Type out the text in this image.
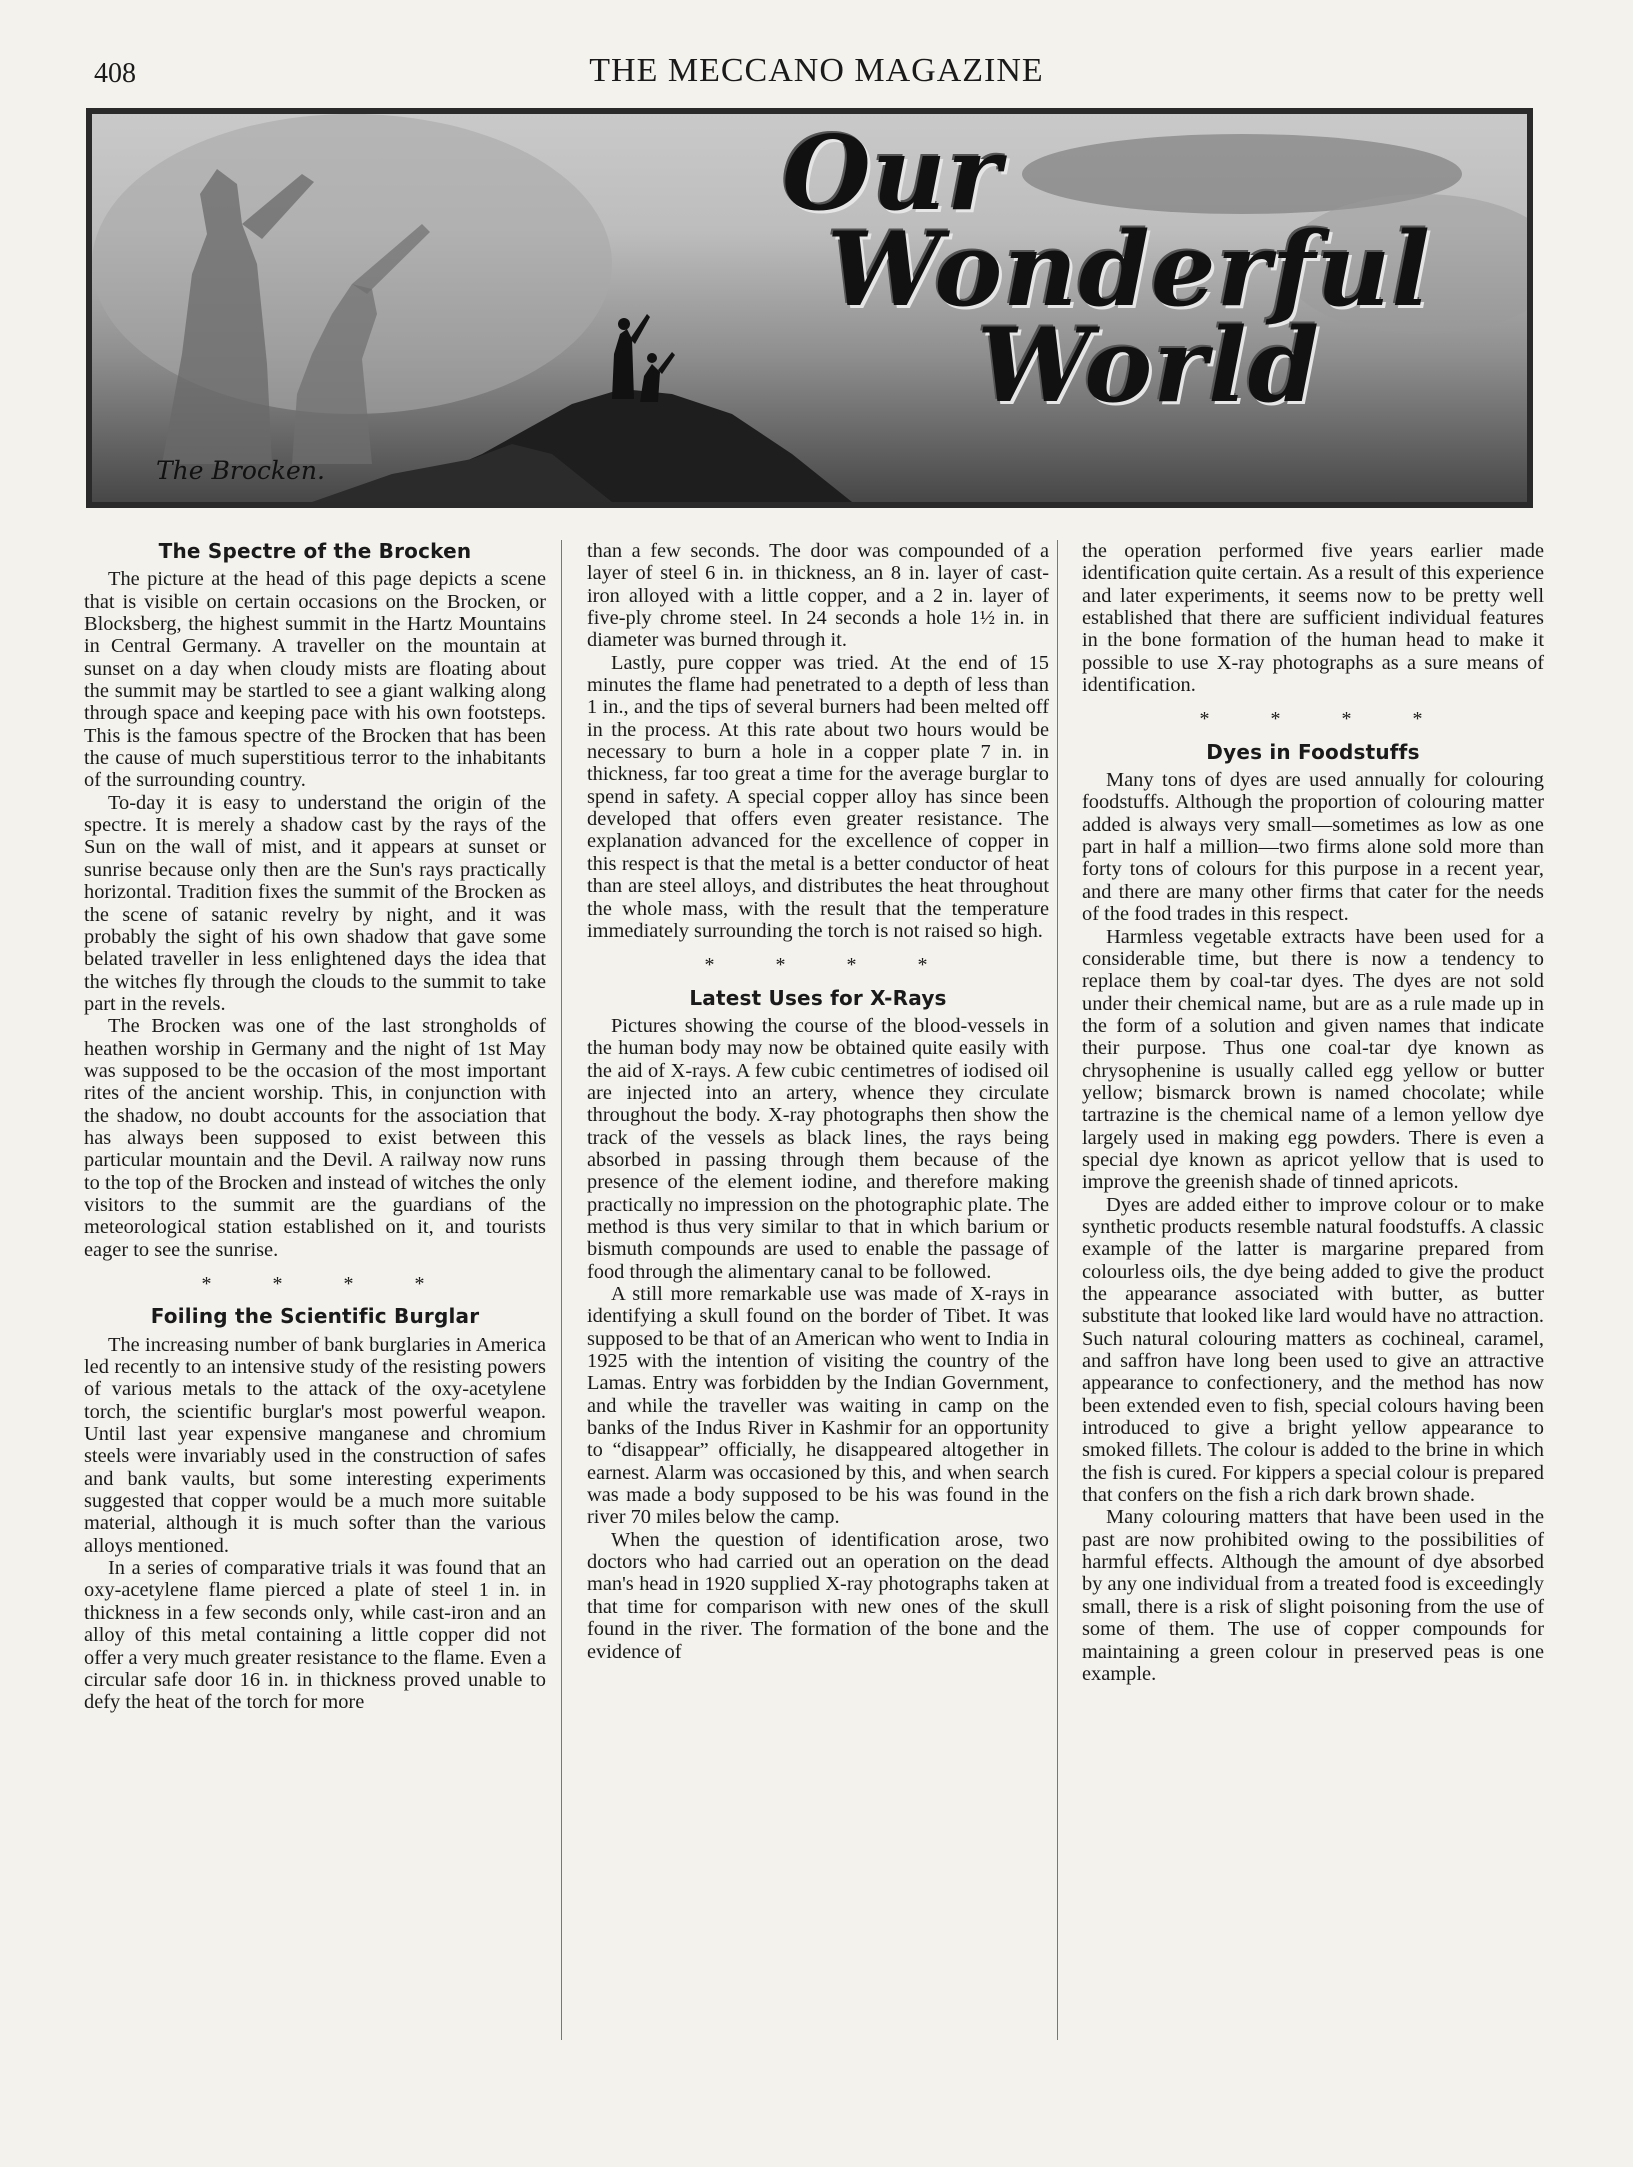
408	THE MECCANO MAGAZINE
Our
Wonderful
World
The Brocken.
The Spectre of the Brocken

The picture at the head of this page depicts a scene that is visible on certain occasions on the Brocken, or Blocksberg, the highest summit in the Hartz Mountains in Central Germany. A traveller on the mountain at sunset on a day when cloudy mists are floating about the summit may be startled to see a giant walking along through space and keeping pace with his own footsteps. This is the famous spectre of the Brocken that has been the cause of much superstitious terror to the inhabitants of the surrounding country.

To-day it is easy to understand the origin of the spectre. It is merely a shadow cast by the rays of the Sun on the wall of mist, and it appears at sunset or sunrise because only then are the Sun's rays practically horizontal. Tradition fixes the summit of the Brocken as the scene of satanic revelry by night, and it was probably the sight of his own shadow that gave some belated traveller in less enlightened days the idea that the witches fly through the clouds to the summit to take part in the revels.

The Brocken was one of the last strongholds of heathen worship in Germany and the night of 1st May was supposed to be the occasion of the most important rites of the ancient worship. This, in conjunction with the shadow, no doubt accounts for the association that has always been supposed to exist between this particular mountain and the Devil. A railway now runs to the top of the Brocken and instead of witches the only visitors to the summit are the guardians of the meteorological station established on it, and tourists eager to see the sunrise.

* * * *
Foiling the Scientific Burglar

The increasing number of bank burglaries in America led recently to an intensive study of the resisting powers of various metals to the attack of the oxy-acetylene torch, the scientific burglar's most powerful weapon. Until last year expensive manganese and chromium steels were invariably used in the construction of safes and bank vaults, but some interesting experiments suggested that copper would be a much more suitable material, although it is much softer than the various alloys mentioned.

In a series of comparative trials it was found that an oxy-acetylene flame pierced a plate of steel 1 in. in thickness in a few seconds only, while cast-iron and an alloy of this metal containing a little copper did not offer a very much greater resistance to the flame. Even a circular safe door 16 in. in thickness proved unable to defy the heat of the torch for more

than a few seconds. The door was compounded of a layer of steel 6 in. in thickness, an 8 in. layer of cast-iron alloyed with a little copper, and a 2 in. layer of five-ply chrome steel. In 24 seconds a hole 1½ in. in diameter was burned through it.

Lastly, pure copper was tried. At the end of 15 minutes the flame had penetrated to a depth of less than 1 in., and the tips of several burners had been melted off in the process. At this rate about two hours would be necessary to burn a hole in a copper plate 7 in. in thickness, far too great a time for the average burglar to spend in safety. A special copper alloy has since been developed that offers even greater resistance. The explanation advanced for the excellence of copper in this respect is that the metal is a better conductor of heat than are steel alloys, and distributes the heat throughout the whole mass, with the result that the temperature immediately surrounding the torch is not raised so high.

* * * *
Latest Uses for X-Rays

Pictures showing the course of the blood-vessels in the human body may now be obtained quite easily with the aid of X-rays. A few cubic centimetres of iodised oil are injected into an artery, whence they circulate throughout the body. X-ray photographs then show the track of the vessels as black lines, the rays being absorbed in passing through them because of the presence of the element iodine, and therefore making practically no impression on the photographic plate. The method is thus very similar to that in which barium or bismuth compounds are used to enable the passage of food through the alimentary canal to be followed.

A still more remarkable use was made of X-rays in identifying a skull found on the border of Tibet. It was supposed to be that of an American who went to India in 1925 with the intention of visiting the country of the Lamas. Entry was forbidden by the Indian Government, and while the traveller was waiting in camp on the banks of the Indus River in Kashmir for an opportunity to “disappear” officially, he disappeared altogether in earnest. Alarm was occasioned by this, and when search was made a body supposed to be his was found in the river 70 miles below the camp.

When the question of identification arose, two doctors who had carried out an operation on the dead man's head in 1920 supplied X-ray photographs taken at that time for comparison with new ones of the skull found in the river. The formation of the bone and the evidence of

the operation performed five years earlier made identification quite certain. As a result of this experience and later experiments, it seems now to be pretty well established that there are sufficient individual features in the bone formation of the human head to make it possible to use X-ray photographs as a sure means of identification.

* * * *
Dyes in Foodstuffs

Many tons of dyes are used annually for colouring foodstuffs. Although the proportion of colouring matter added is always very small—sometimes as low as one part in half a million—two firms alone sold more than forty tons of colours for this purpose in a recent year, and there are many other firms that cater for the needs of the food trades in this respect.

Harmless vegetable extracts have been used for a considerable time, but there is now a tendency to replace them by coal-tar dyes. The dyes are not sold under their chemical name, but are as a rule made up in the form of a solution and given names that indicate their purpose. Thus one coal-tar dye known as chrysophenine is usually called egg yellow or butter yellow; bismarck brown is named chocolate; while tartrazine is the chemical name of a lemon yellow dye largely used in making egg powders. There is even a special dye known as apricot yellow that is used to improve the greenish shade of tinned apricots.

Dyes are added either to improve colour or to make synthetic products resemble natural foodstuffs. A classic example of the latter is margarine prepared from colourless oils, the dye being added to give the product the appearance associated with butter, as butter substitute that looked like lard would have no attraction. Such natural colouring matters as cochineal, caramel, and saffron have long been used to give an attractive appearance to confectionery, and the method has now been extended even to fish, special colours having been introduced to give a bright yellow appearance to smoked fillets. The colour is added to the brine in which the fish is cured. For kippers a special colour is prepared that confers on the fish a rich dark brown shade.

Many colouring matters that have been used in the past are now prohibited owing to the possibilities of harmful effects. Although the amount of dye absorbed by any one individual from a treated food is exceedingly small, there is a risk of slight poisoning from the use of some of them. The use of copper compounds for maintaining a green colour in preserved peas is one example.
